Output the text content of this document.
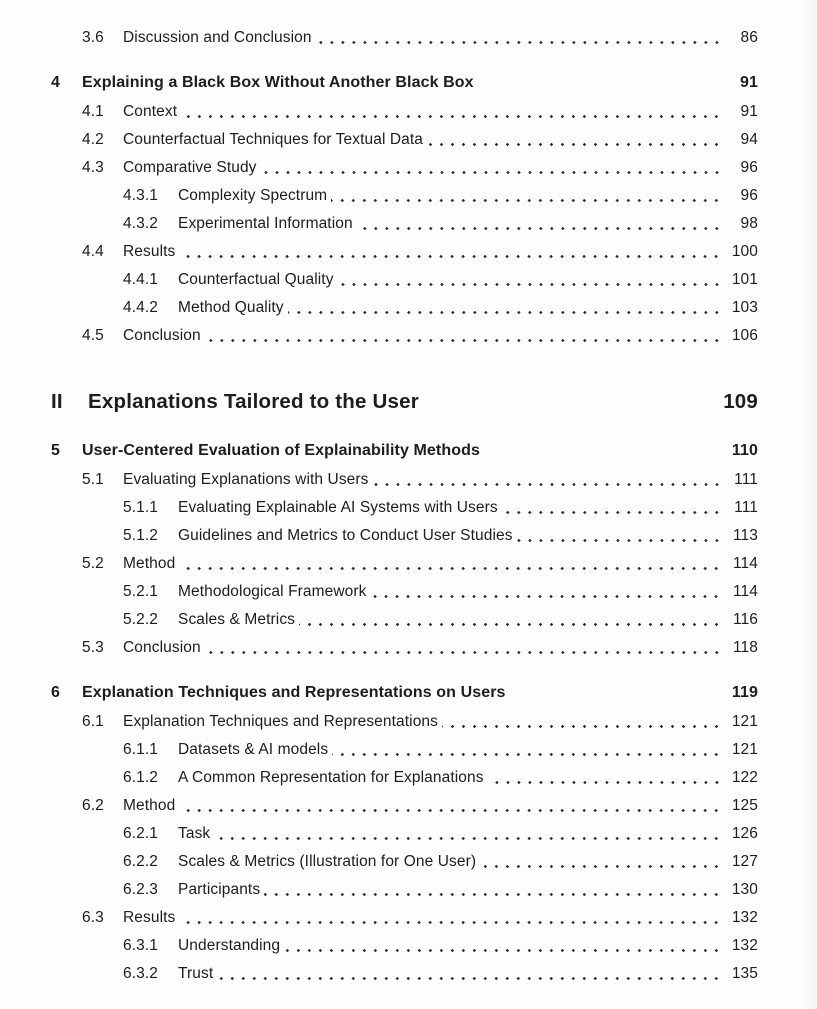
3.6	Discussion and Conclusion	86
4	Explaining a Black Box Without Another Black Box	91
4.1	Context	91
4.2	Counterfactual Techniques for Textual Data	94
4.3	Comparative Study	96
4.3.1	Complexity Spectrum	96
4.3.2	Experimental Information	98
4.4	Results	100
4.4.1	Counterfactual Quality	101
4.4.2	Method Quality	103
4.5	Conclusion	106
II	Explanations Tailored to the User	109
5	User-Centered Evaluation of Explainability Methods	110
5.1	Evaluating Explanations with Users	111
5.1.1	Evaluating Explainable AI Systems with Users	111
5.1.2	Guidelines and Metrics to Conduct User Studies	113
5.2	Method	114
5.2.1	Methodological Framework	114
5.2.2	Scales & Metrics	116
5.3	Conclusion	118
6	Explanation Techniques and Representations on Users	119
6.1	Explanation Techniques and Representations	121
6.1.1	Datasets & AI models	121
6.1.2	A Common Representation for Explanations	122
6.2	Method	125
6.2.1	Task	126
6.2.2	Scales & Metrics (Illustration for One User)	127
6.2.3	Participants	130
6.3	Results	132
6.3.1	Understanding	132
6.3.2	Trust	135
